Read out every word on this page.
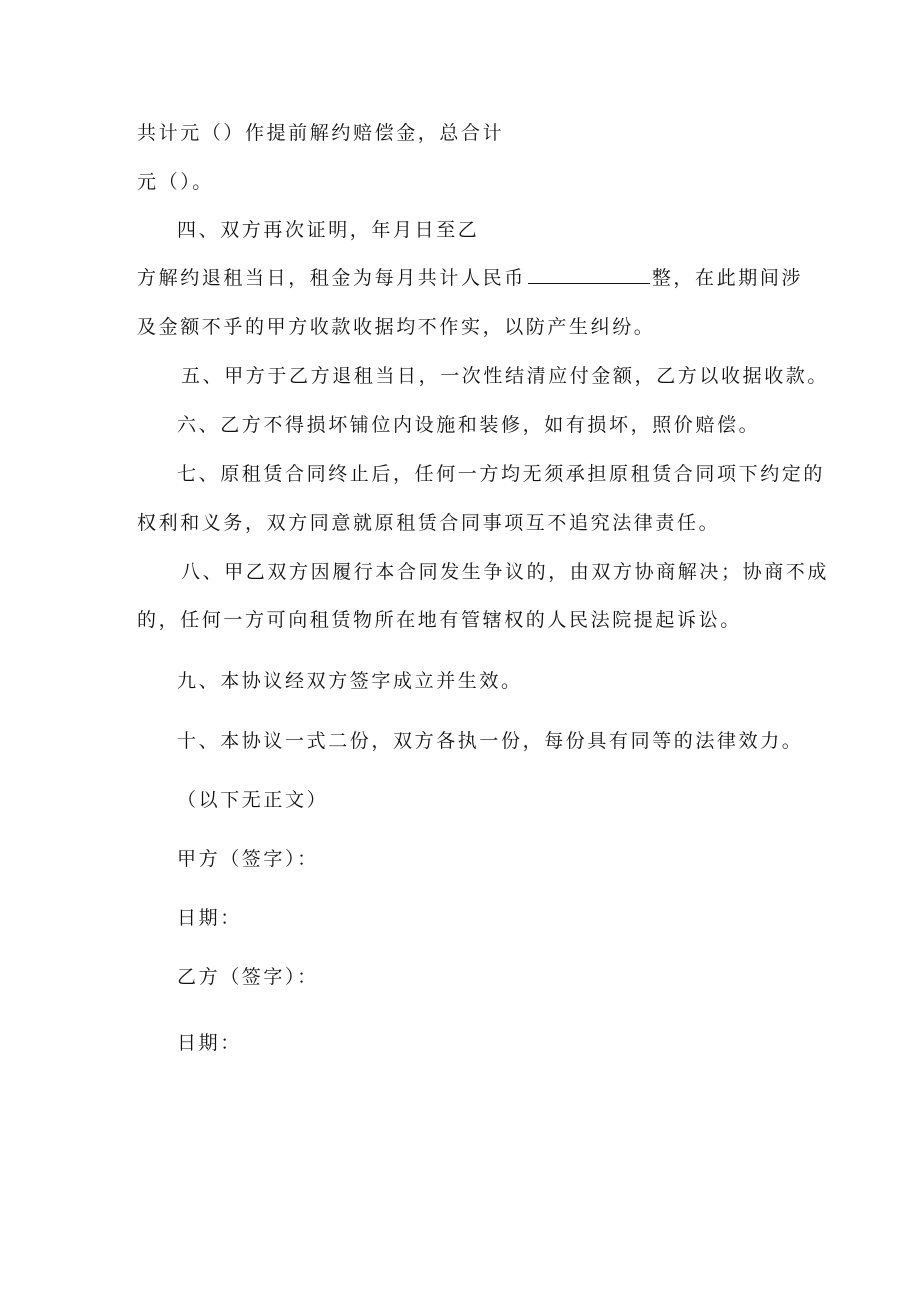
共计元（）作提前解约赔偿金，总合计
元（）。
四、双方再次证明，年月日至乙
方解约退租当日，租金为每月共计人民币	整，在此期间涉
及金额不乎的甲方收款收据均不作实，以防产生纠纷。
五、甲方于乙方退租当日，一次性结清应付金额，乙方以收据收款。
六、乙方不得损坏铺位内设施和装修，如有损坏，照价赔偿。
七、原租赁合同终止后，任何一方均无须承担原租赁合同项下约定的
权利和义务，双方同意就原租赁合同事项互不追究法律责任。
八、甲乙双方因履行本合同发生争议的，由双方协商解决；协商不成
的，任何一方可向租赁物所在地有管辖权的人民法院提起诉讼。
九、本协议经双方签字成立并生效。
十、本协议一式二份，双方各执一份，每份具有同等的法律效力。
（以下无正文）
甲方（签字）：
日期：
乙方（签字）：
日期：
